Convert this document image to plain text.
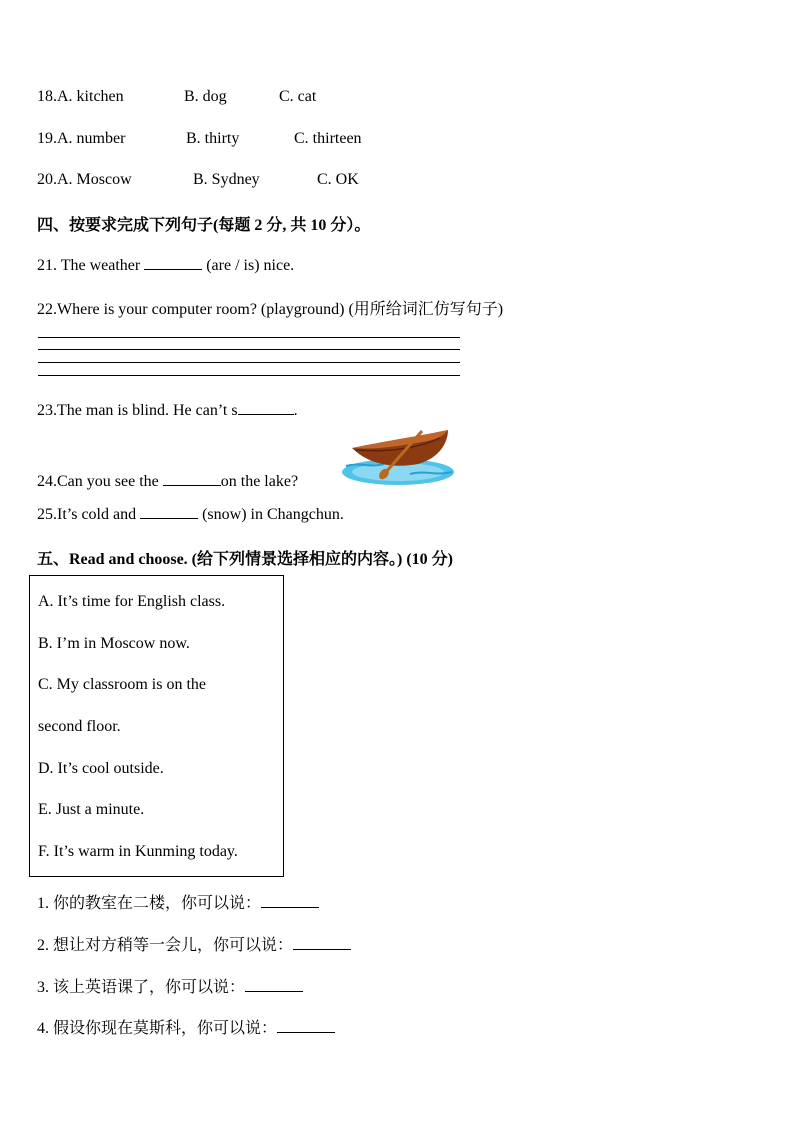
18.A. kitchen	B. dog	C. cat
19.A. number	B. thirty	C. thirteen
20.A. Moscow	B. Sydney	C. OK
四、按要求完成下列句子(每题 2 分, 共 10 分）。
21. The weather	(are / is) nice.
22.Where is your computer room? (playground) (用所给词汇仿写句子)
23.The man is blind. He can’t s	.
24.Can you see the	on the lake?
25.It’s cold and	(snow) in Changchun.
五、Read and choose. (给下列情景选择相应的内容。) (10 分)
A. It’s time for English class.
B. I’m in Moscow now.
C. My classroom is on the
second floor.
D. It’s cool outside.
E. Just a minute.
F. It’s warm in Kunming today.
1. 你的教室在二楼，你可以说：
2. 想让对方稍等一会儿，你可以说：
3. 该上英语课了，你可以说：
4. 假设你现在莫斯科，你可以说：
